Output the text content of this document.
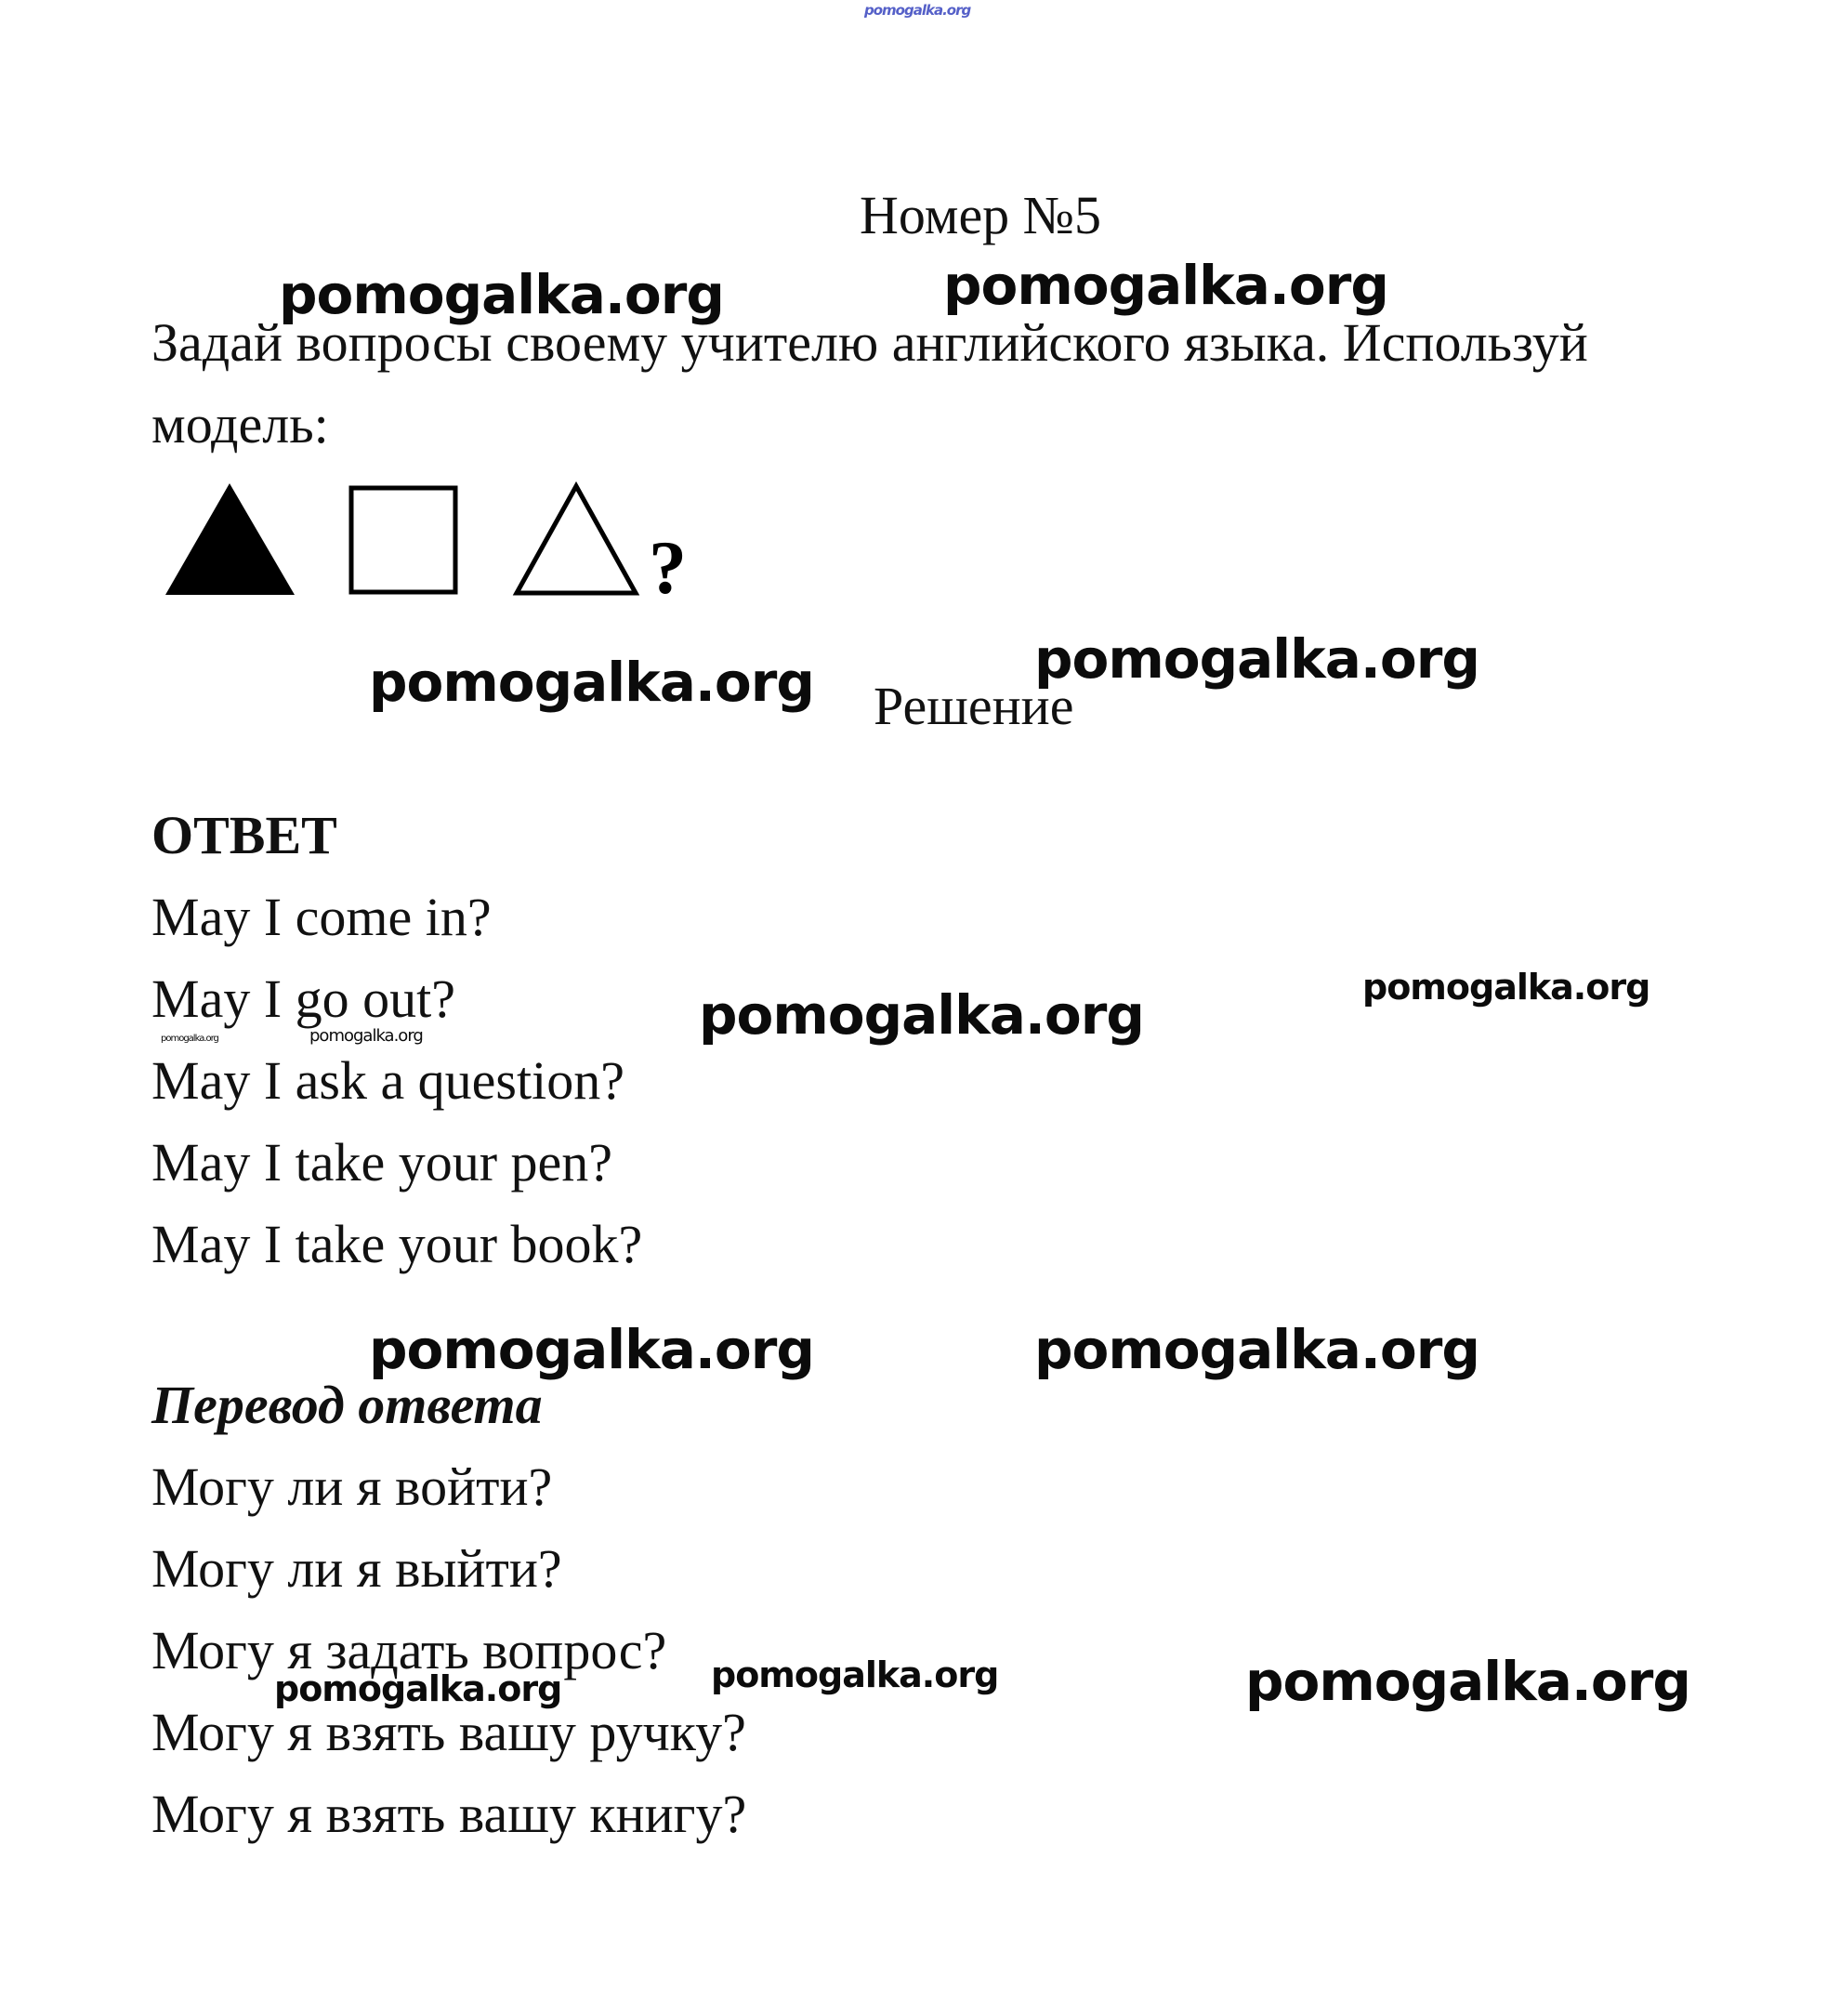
pomogalka.org
Номер №5
Задай вопросы своему учителю английского языка. Используй
модель:
?
Решение
ОТВЕТ
May I come in?
May I go out?
May I ask a question?
May I take your pen?
May I take your book?
Перевод ответа
Могу ли я войти?
Могу ли я выйти?
Могу я задать вопрос?
Могу я взять вашу ручку?
Могу я взять вашу книгу?
pomogalka.org	pomogalka.org
pomogalka.org	pomogalka.org
pomogalka.org
pomogalka.org
pomogalka.org	pomogalka.org
pomogalka.org	pomogalka.org
pomogalka.org	pomogalka.org	pomogalka.org
